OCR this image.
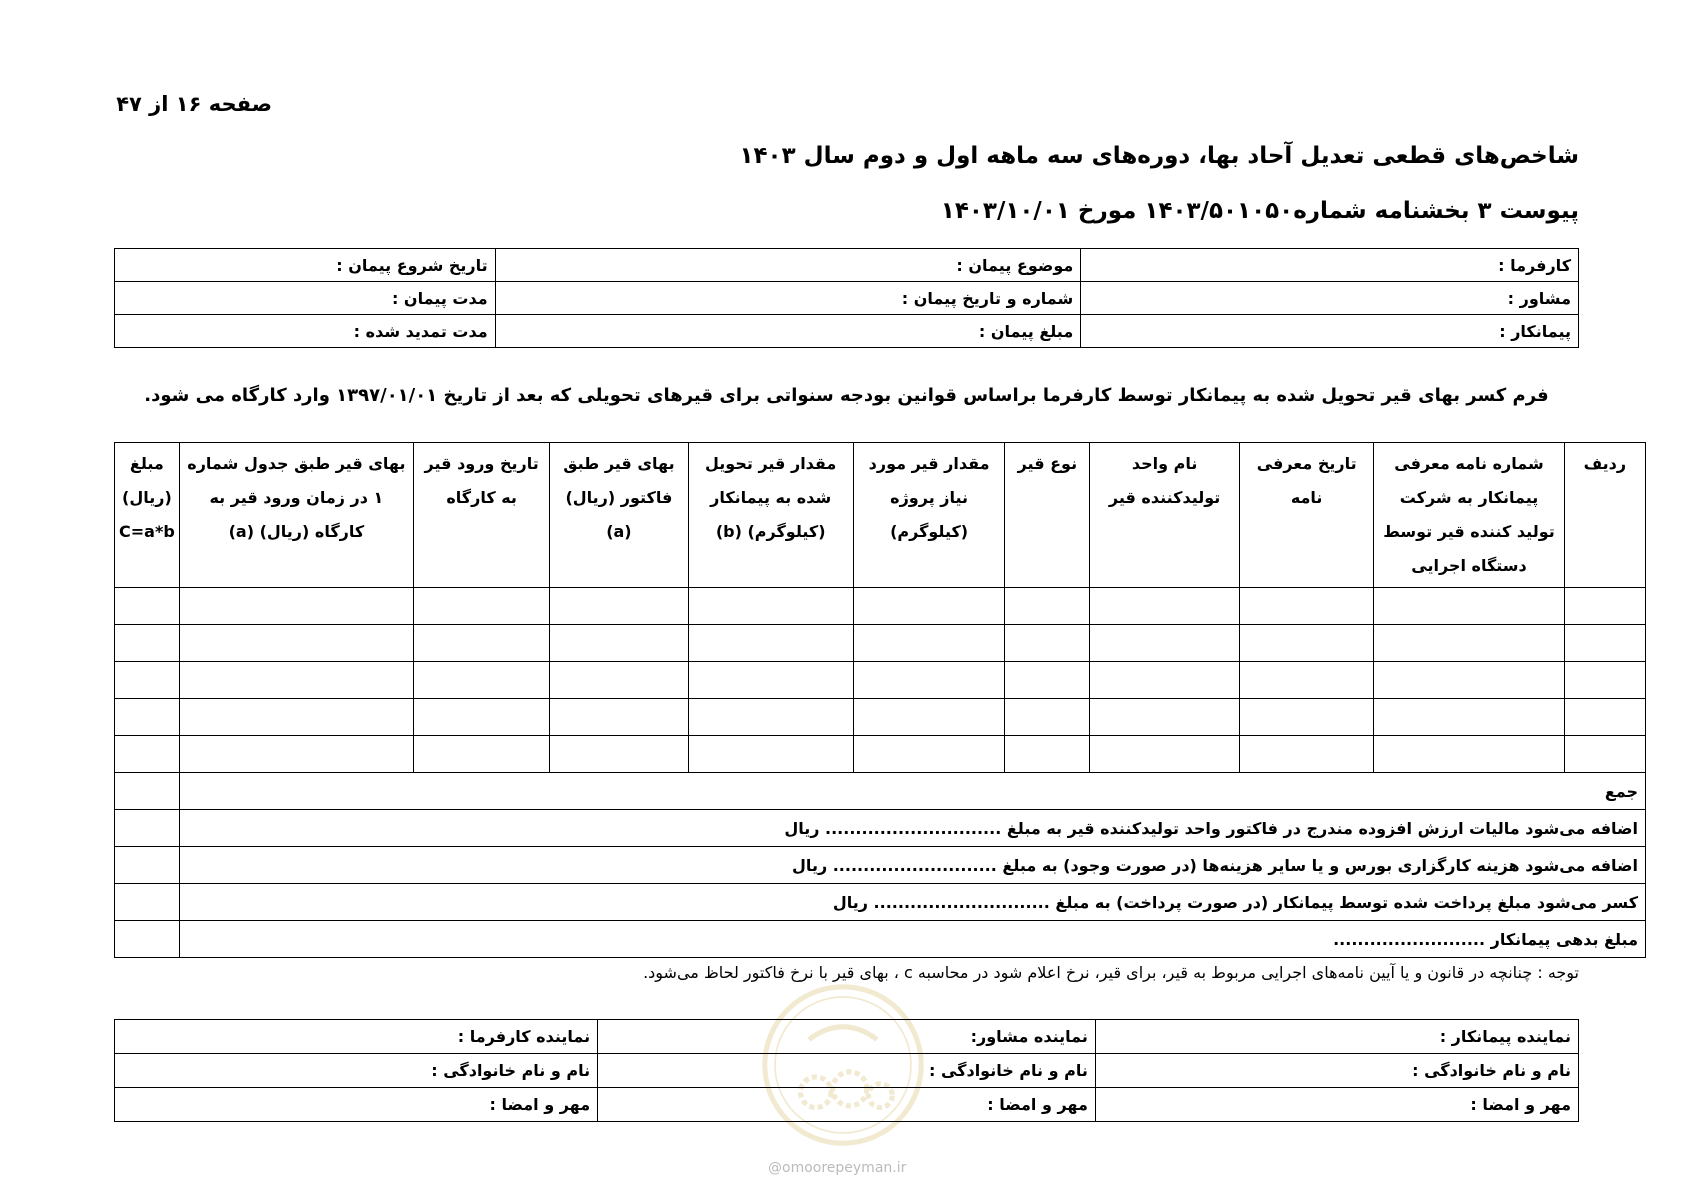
صفحه ۱۶ از ۴۷
شاخص‌های قطعی تعدیل آحاد بها، دوره‌های سه ماهه اول و دوم سال ۱۴۰۳
پیوست ۳ بخشنامه شماره۱۴۰۳/۵۰۱۰۵۰ مورخ ۱۴۰۳/۱۰/۰۱
کارفرما :	موضوع پیمان :	تاریخ شروع پیمان :
مشاور :	شماره و تاریخ پیمان :	مدت پیمان :
پیمانکار :	مبلغ پیمان :	مدت تمدید شده :
فرم کسر بهای قیر تحویل شده به پیمانکار توسط کارفرما براساس قوانین بودجه سنواتی برای قیرهای تحویلی که بعد از تاریخ ۱۳۹۷/۰۱/۰۱ وارد کارگاه می شود.
ردیف	شماره نامه معرفی پیمانکار به شرکت تولید کننده قیر توسط دستگاه اجرایی	تاریخ معرفی نامه	نام واحد تولیدکننده قیر	نوع قیر	مقدار قیر مورد نیاز پروژه (کیلوگرم)	مقدار قیر تحویل شده به پیمانکار (کیلوگرم) (b)	بهای قیر طبق فاکتور (ریال) (a)	تاریخ ورود قیر به کارگاه	بهای قیر طبق جدول شماره ۱ در زمان ورود قیر به کارگاه (ریال) (a)	مبلغ (ریال) C=a*b

جمع										
اضافه می‌شود مالیات ارزش افزوده مندرج در فاکتور واحد تولیدکننده قیر به مبلغ ............................. ریال										
اضافه می‌شود هزینه کارگزاری بورس و یا سایر هزینه‌ها (در صورت وجود) به مبلغ ........................... ریال										
کسر می‌شود مبلغ پرداخت شده توسط پیمانکار (در صورت پرداخت) به مبلغ ............................. ریال										
مبلغ بدهی پیمانکار .........................										
توجه : چنانچه در قانون و یا آیین نامه‌های اجرایی مربوط به قیر، برای قیر، نرخ اعلام شود در محاسبه c ، بهای قیر با نرخ فاکتور لحاظ می‌شود.
@omoorepeyman.ir
نماینده پیمانکار :	نماینده مشاور:	نماینده کارفرما :
نام و نام خانوادگی :	نام و نام خانوادگی :	نام و نام خانوادگی :
مهر و امضا :	مهر و امضا :	مهر و امضا :
